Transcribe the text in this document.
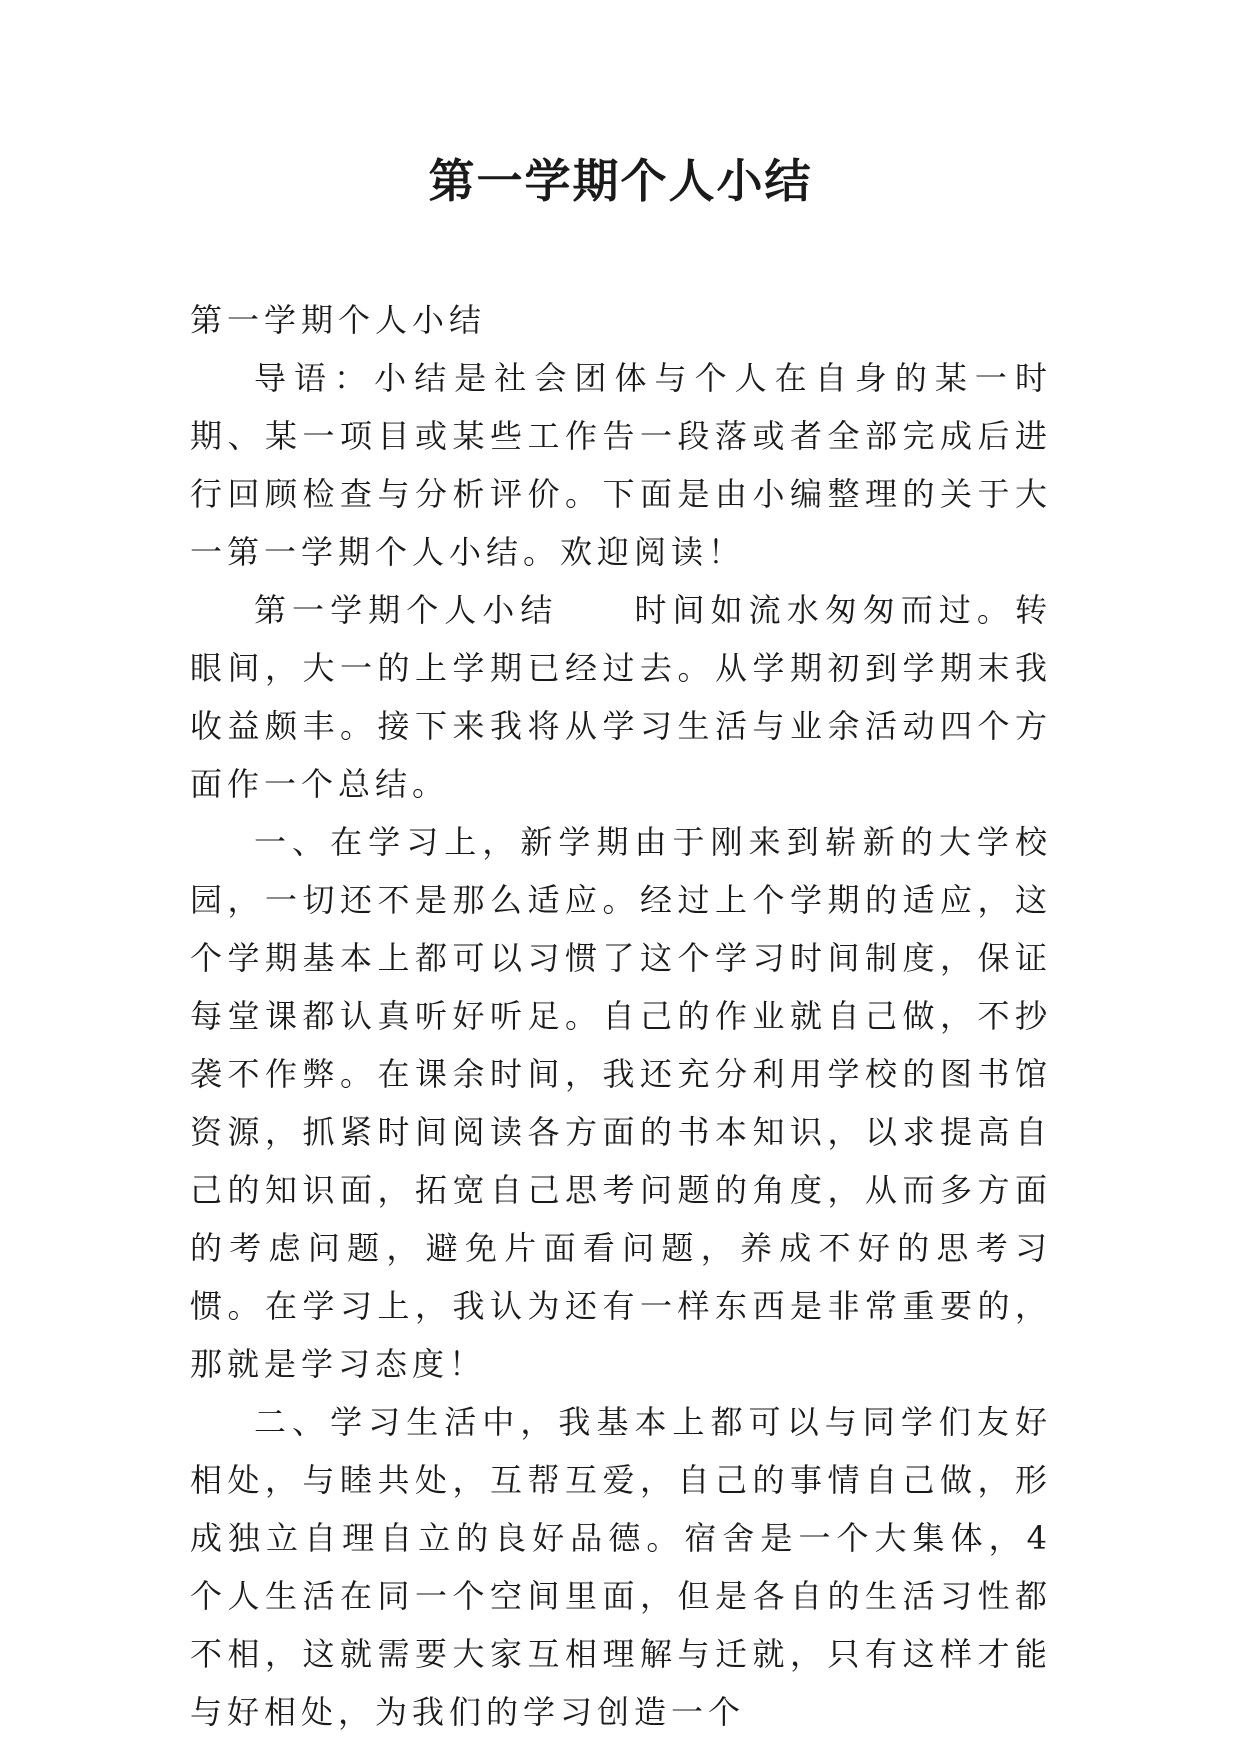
第一学期个人小结

第一学期个人小结

导语：小结是社会团体与个人在自身的某一时期、某一项目或某些工作告一段落或者全部完成后进行回顾检查与分析评价。下面是由小编整理的关于大一第一学期个人小结。欢迎阅读！

第一学期个人小结　　时间如流水匆匆而过。转眼间，大一的上学期已经过去。从学期初到学期末我收益颇丰。接下来我将从学习生活与业余活动四个方面作一个总结。

一、在学习上，新学期由于刚来到崭新的大学校园，一切还不是那么适应。经过上个学期的适应，这个学期基本上都可以习惯了这个学习时间制度，保证每堂课都认真听好听足。自己的作业就自己做，不抄袭不作弊。在课余时间，我还充分利用学校的图书馆资源，抓紧时间阅读各方面的书本知识，以求提高自己的知识面，拓宽自己思考问题的角度，从而多方面的考虑问题，避免片面看问题，养成不好的思考习惯。在学习上，我认为还有一样东西是非常重要的，那就是学习态度！

二、学习生活中，我基本上都可以与同学们友好相处，与睦共处，互帮互爱，自己的事情自己做，形成独立自理自立的良好品德。宿舍是一个大集体，4个人生活在同一个空间里面，但是各自的生活习性都不相，这就需要大家互相理解与迁就，只有这样才能与好相处，为我们的学习创造一个
